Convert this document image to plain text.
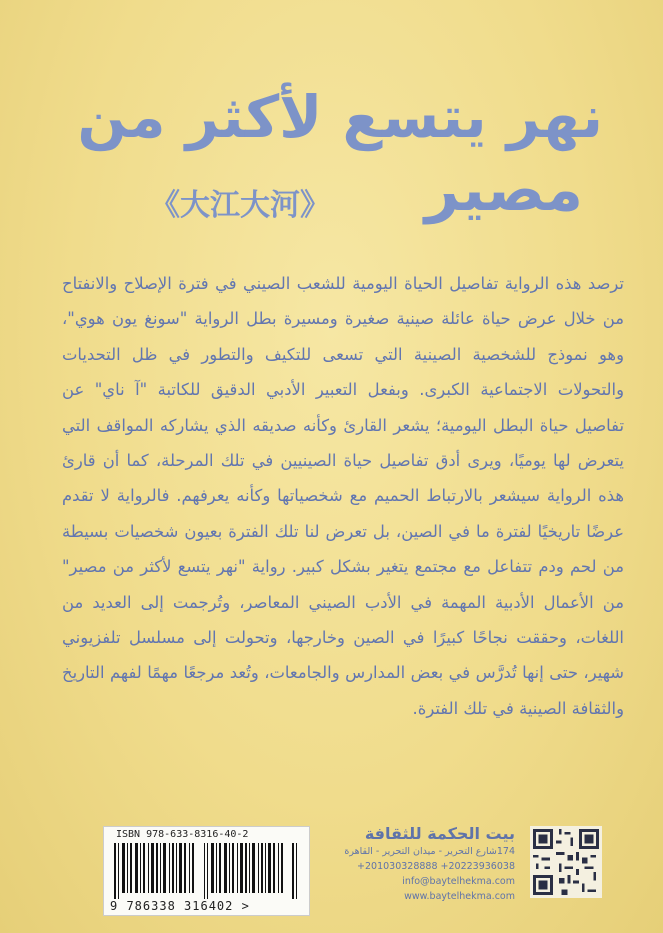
نهر يتسع لأكثر من
《大江大河》	مصير

ترصد هذه الرواية تفاصيل الحياة اليومية للشعب الصيني في فترة الإصلاح والانفتاح من خلال عرض حياة عائلة صينية صغيرة ومسيرة بطل الرواية "سونغ يون هوي"، وهو نموذج للشخصية الصينية التي تسعى للتكيف والتطور في ظل التحديات والتحولات الاجتماعية الكبرى. وبفعل التعبير الأدبي الدقيق للكاتبة "آ ناي" عن تفاصيل حياة البطل اليومية؛ يشعر القارئ وكأنه صديقه الذي يشاركه المواقف التي يتعرض لها يوميًا، ويرى أدق تفاصيل حياة الصينيين في تلك المرحلة، كما أن قارئ هذه الرواية سيشعر بالارتباط الحميم مع شخصياتها وكأنه يعرفهم. فالرواية لا تقدم عرضًا تاريخيًا لفترة ما في الصين، بل تعرض لنا تلك الفترة بعيون شخصيات بسيطة من لحم ودم تتفاعل مع مجتمع يتغير بشكل كبير. رواية "نهر يتسع لأكثر من مصير" من الأعمال الأدبية المهمة في الأدب الصيني المعاصر، وتُرجمت إلى العديد من اللغات، وحققت نجاحًا كبيرًا في الصين وخارجها، وتحولت إلى مسلسل تلفزيوني شهير، حتى إنها تُدرَّس في بعض المدارس والجامعات، وتُعد مرجعًا مهمًا لفهم التاريخ والثقافة الصينية في تلك الفترة.

ISBN 978-633-8316-40-2
9 786338 316402 >
بيت الحكمة للثقافة
174شارع التحرير - ميدان التحرير - القاهرة
+201030328888 +20223936038
info@baytelhekma.com
www.baytelhekma.com
